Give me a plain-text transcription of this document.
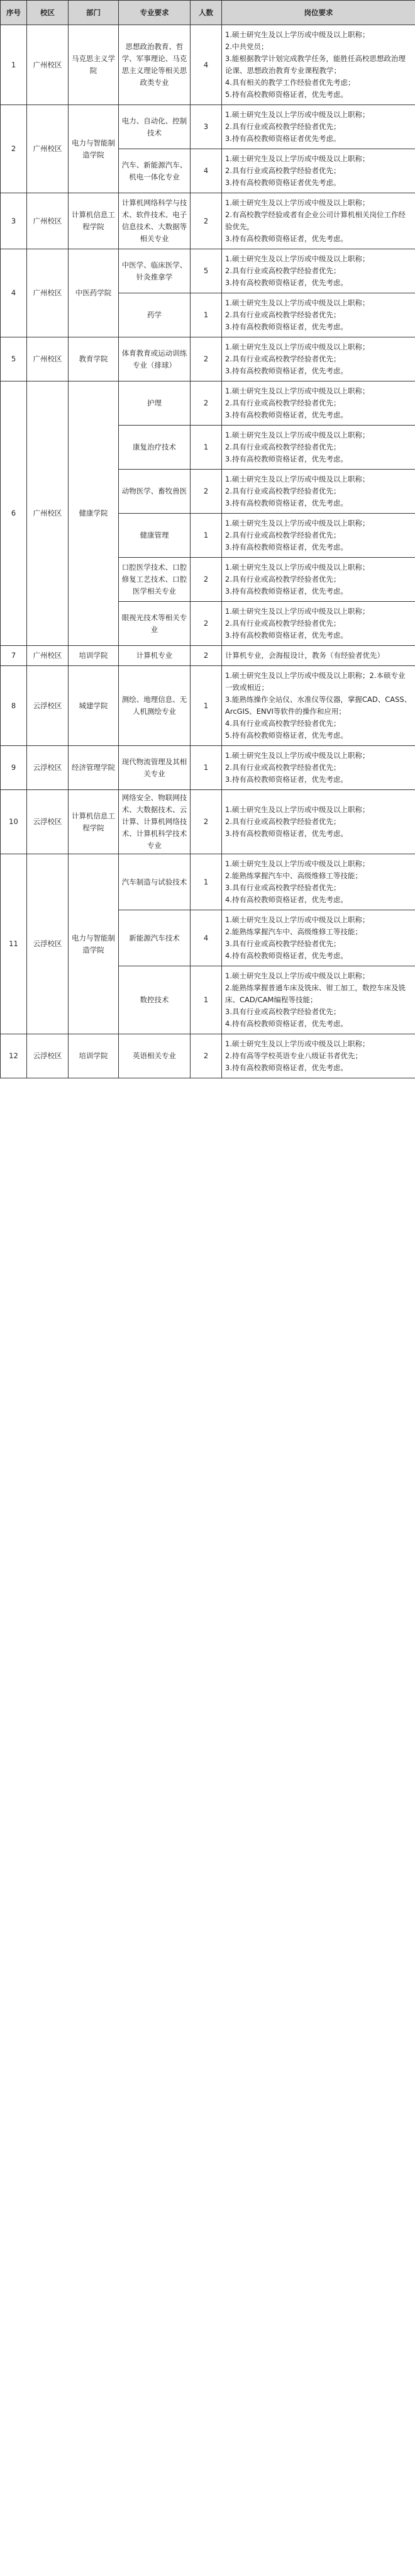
序号	校区	部门	专业要求	人数	岗位要求
1	广州校区	马克思主义学院	思想政治教育、哲学、军事理论、马克思主义理论等相关思政类专业	4	1.硕士研究生及以上学历或中级及以上职称；
2.中共党员；
3.能根据教学计划完成教学任务，能胜任高校思想政治理论课、思想政治教育专业课程教学；
4.具有相关的教学工作经验者优先考虑；
5.持有高校教师资格证者，优先考虑。

2	广州校区	电力与智能制造学院	电力、自动化、控制技术	3	1.硕士研究生及以上学历或中级及以上职称；
2.具有行业或高校教学经验者优先；
3.持有高校教师资格证者优先考虑。

			汽车、新能源汽车、机电一体化专业	4	1.硕士研究生及以上学历或中级及以上职称；
2.具有行业或高校教学经验者优先；
3.持有高校教师资格证者优先考虑。

3	广州校区	计算机信息工程学院	计算机网络科学与技术、软件技术、电子信息技术、大数据等相关专业	2	1.硕士研究生及以上学历或中级及以上职称；
2.有高校教学经验或者有企业公司计算机相关岗位工作经验优先，
3.持有高校教师资格证者，优先考虑。

4	广州校区	中医药学院	中医学、临床医学、针灸推拿学	5	1.硕士研究生及以上学历或中级及以上职称；
2.具有行业或高校教学经验者优先；
3.持有高校教师资格证者，优先考虑。

			药学	1	1.硕士研究生及以上学历或中级及以上职称；
2.具有行业或高校教学经验者优先；
3.持有高校教师资格证者，优先考虑。

5	广州校区	教育学院	体育教育或运动训练专业（排球）	2	1.硕士研究生及以上学历或中级及以上职称；
2.具有行业或高校教学经验者优先；
3.持有高校教师资格证者，优先考虑。

6	广州校区	健康学院	护理	2	1.硕士研究生及以上学历或中级及以上职称；
2.具有行业或高校教学经验者优先；
3.持有高校教师资格证者，优先考虑。

			康复治疗技术	1	1.硕士研究生及以上学历或中级及以上职称；
2.具有行业或高校教学经验者优先；
3.持有高校教师资格证者，优先考虑。

			动物医学、畜牧兽医	2	1.硕士研究生及以上学历或中级及以上职称；
2.具有行业或高校教学经验者优先；
3.持有高校教师资格证者，优先考虑。

			健康管理	1	1.硕士研究生及以上学历或中级及以上职称；
2.具有行业或高校教学经验者优先；
3.持有高校教师资格证者，优先考虑。

			口腔医学技术、口腔修复工艺技术、口腔医学相关专业	2	1.硕士研究生及以上学历或中级及以上职称；
2.具有行业或高校教学经验者优先；
3.持有高校教师资格证者，优先考虑。

			眼视光技术等相关专业	2	1.硕士研究生及以上学历或中级及以上职称；
2.具有行业或高校教学经验者优先；
3.持有高校教师资格证者，优先考虑。

7	广州校区	培训学院	计算机专业	2	计算机专业，会海报设计，教务（有经验者优先）

8	云浮校区	城建学院	测绘、地理信息、无人机测绘专业	1	1.硕士研究生及以上学历或中级及以上职称；2.本硕专业一致或相近；
3.能熟练操作全站仪、水准仪等仪器，掌握CAD、CASS、ArcGIS、ENVI等软件的操作和应用；
4.具有行业或高校教学经验者优先；
5.持有高校教师资格证者，优先考虑。

9	云浮校区	经济管理学院	现代物流管理及其相关专业	1	1.硕士研究生及以上学历或中级及以上职称；
2.具有行业或高校教学经验者优先；
3.持有高校教师资格证者，优先考虑。

10	云浮校区	计算机信息工程学院	网络安全、物联网技术、大数据技术、云计算、计算机网络技术、计算机科学技术专业	2	1.硕士研究生及以上学历或中级及以上职称；
2.具有行业或高校教学经验者优先；
3.持有高校教师资格证者，优先考虑。

11	云浮校区	电力与智能制造学院	汽车制造与试验技术	1	1.硕士研究生及以上学历或中级及以上职称；
2.能熟练掌握汽车中、高级维修工等技能；
3.具有行业或高校教学经验者优先；
4.持有高校教师资格证者，优先考虑。

			新能源汽车技术	4	1.硕士研究生及以上学历或中级及以上职称；
2.能熟练掌握汽车中、高级维修工等技能；
3.具有行业或高校教学经验者优先；
4.持有高校教师资格证者，优先考虑。

			数控技术	1	1.硕士研究生及以上学历或中级及以上职称；
2.能熟练掌握普通车床及铣床、钳工加工，数控车床及铣床、CAD/CAM编程等技能；
3.具有行业或高校教学经验者优先；
4.持有高校教师资格证者，优先考虑。

12	云浮校区	培训学院	英语相关专业	2	1.硕士研究生及以上学历或中级及以上职称；
2.持有高等学校英语专业八级证书者优先；
3.持有高校教师资格证者，优先考虑。
